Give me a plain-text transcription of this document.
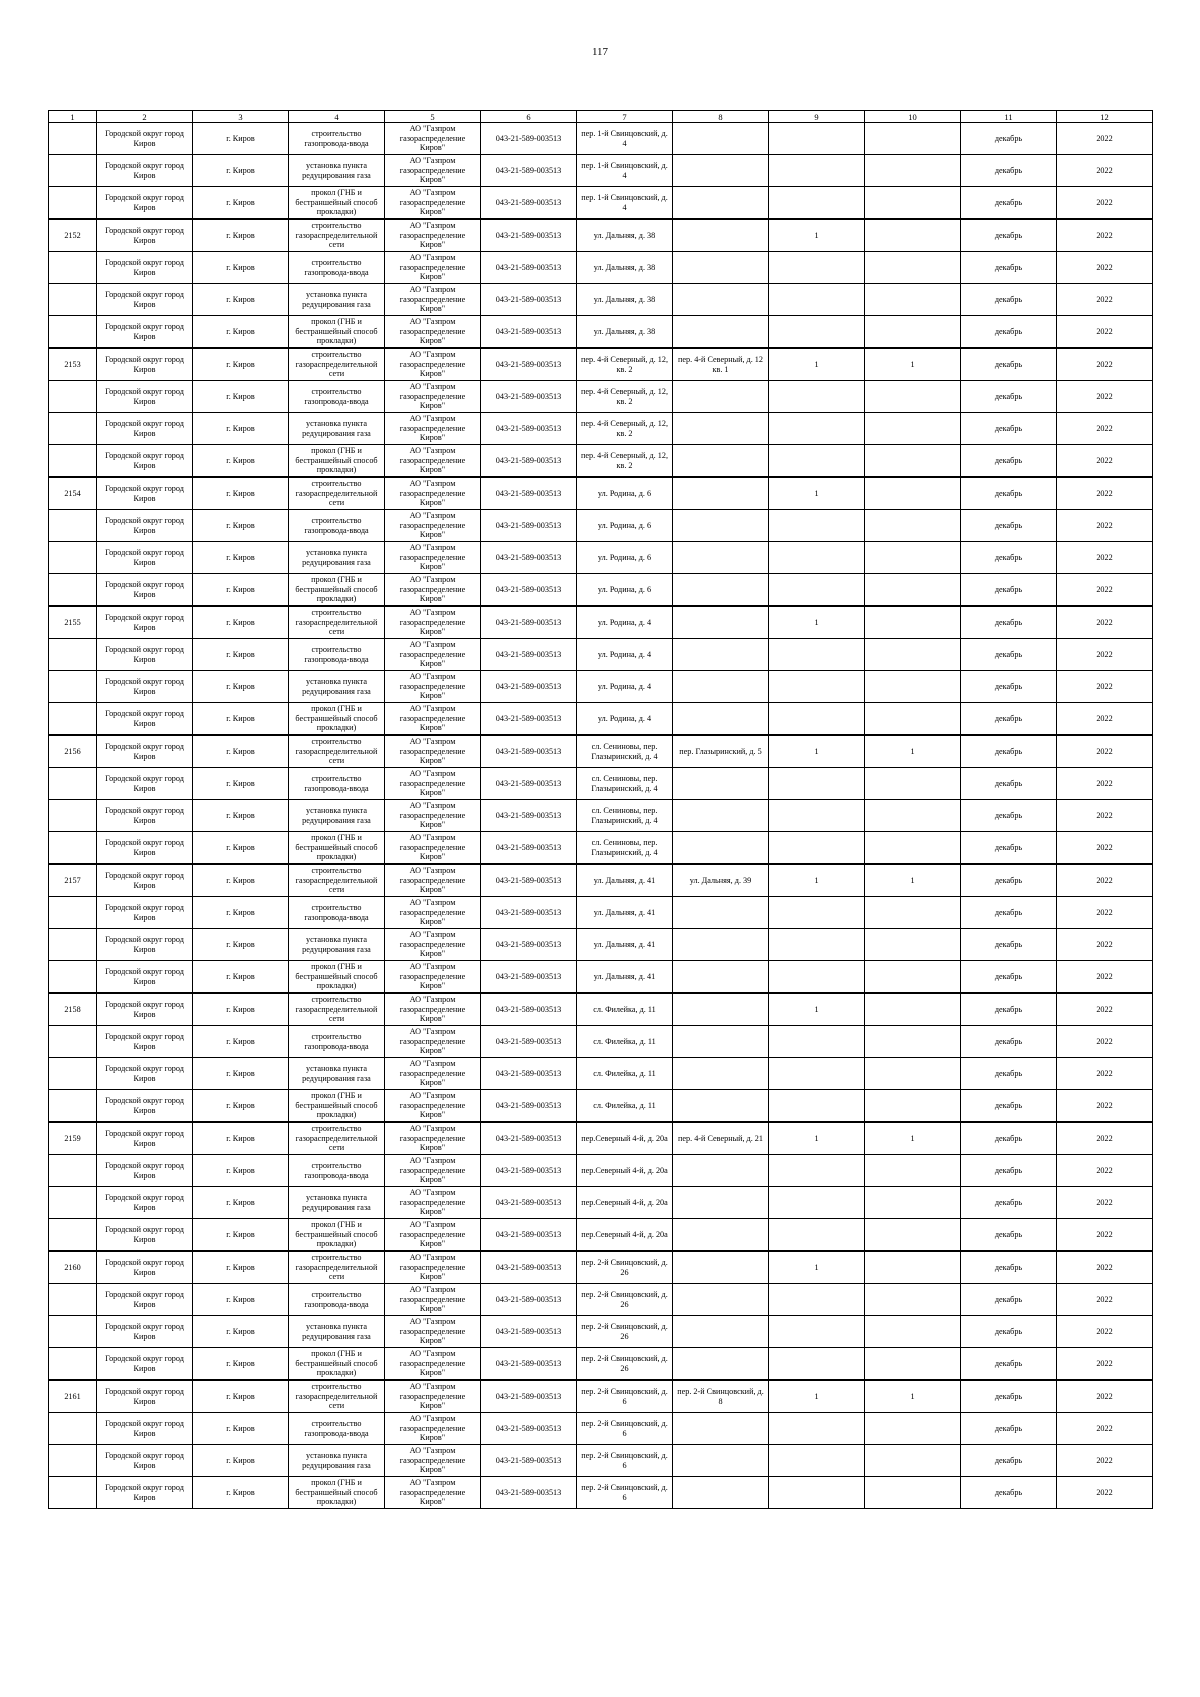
117
1	2	3	4	5	6	7	8	9	10	11	12
	Городской округ город Киров	г. Киров	строительство газопровода-ввода	АО "Газпром газораспределение Киров"	043-21-589-003513	пер. 1-й Свинцовский, д. 4				декабрь	2022
	Городской округ город Киров	г. Киров	установка пункта редуцирования газа	АО "Газпром газораспределение Киров"	043-21-589-003513	пер. 1-й Свинцовский, д. 4				декабрь	2022
	Городской округ город Киров	г. Киров	прокол (ГНБ и бестраншейный способ прокладки)	АО "Газпром газораспределение Киров"	043-21-589-003513	пер. 1-й Свинцовский, д. 4				декабрь	2022
2152	Городской округ город Киров	г. Киров	строительство газораспределительной сети	АО "Газпром газораспределение Киров"	043-21-589-003513	ул. Дальняя, д. 38		1		декабрь	2022
	Городской округ город Киров	г. Киров	строительство газопровода-ввода	АО "Газпром газораспределение Киров"	043-21-589-003513	ул. Дальняя, д. 38				декабрь	2022
	Городской округ город Киров	г. Киров	установка пункта редуцирования газа	АО "Газпром газораспределение Киров"	043-21-589-003513	ул. Дальняя, д. 38				декабрь	2022
	Городской округ город Киров	г. Киров	прокол (ГНБ и бестраншейный способ прокладки)	АО "Газпром газораспределение Киров"	043-21-589-003513	ул. Дальняя, д. 38				декабрь	2022
2153	Городской округ город Киров	г. Киров	строительство газораспределительной сети	АО "Газпром газораспределение Киров"	043-21-589-003513	пер. 4-й Северный, д. 12, кв. 2	пер. 4-й Северный, д. 12 кв. 1	1	1	декабрь	2022
	Городской округ город Киров	г. Киров	строительство газопровода-ввода	АО "Газпром газораспределение Киров"	043-21-589-003513	пер. 4-й Северный, д. 12, кв. 2				декабрь	2022
	Городской округ город Киров	г. Киров	установка пункта редуцирования газа	АО "Газпром газораспределение Киров"	043-21-589-003513	пер. 4-й Северный, д. 12, кв. 2				декабрь	2022
	Городской округ город Киров	г. Киров	прокол (ГНБ и бестраншейный способ прокладки)	АО "Газпром газораспределение Киров"	043-21-589-003513	пер. 4-й Северный, д. 12, кв. 2				декабрь	2022
2154	Городской округ город Киров	г. Киров	строительство газораспределительной сети	АО "Газпром газораспределение Киров"	043-21-589-003513	ул. Родина, д. 6		1		декабрь	2022
	Городской округ город Киров	г. Киров	строительство газопровода-ввода	АО "Газпром газораспределение Киров"	043-21-589-003513	ул. Родина, д. 6				декабрь	2022
	Городской округ город Киров	г. Киров	установка пункта редуцирования газа	АО "Газпром газораспределение Киров"	043-21-589-003513	ул. Родина, д. 6				декабрь	2022
	Городской округ город Киров	г. Киров	прокол (ГНБ и бестраншейный способ прокладки)	АО "Газпром газораспределение Киров"	043-21-589-003513	ул. Родина, д. 6				декабрь	2022
2155	Городской округ город Киров	г. Киров	строительство газораспределительной сети	АО "Газпром газораспределение Киров"	043-21-589-003513	ул. Родина, д. 4		1		декабрь	2022
	Городской округ город Киров	г. Киров	строительство газопровода-ввода	АО "Газпром газораспределение Киров"	043-21-589-003513	ул. Родина, д. 4				декабрь	2022
	Городской округ город Киров	г. Киров	установка пункта редуцирования газа	АО "Газпром газораспределение Киров"	043-21-589-003513	ул. Родина, д. 4				декабрь	2022
	Городской округ город Киров	г. Киров	прокол (ГНБ и бестраншейный способ прокладки)	АО "Газпром газораспределение Киров"	043-21-589-003513	ул. Родина, д. 4				декабрь	2022
2156	Городской округ город Киров	г. Киров	строительство газораспределительной сети	АО "Газпром газораспределение Киров"	043-21-589-003513	сл. Сениновы, пер. Глазыринский, д. 4	пер. Глазыринский, д. 5	1	1	декабрь	2022
	Городской округ город Киров	г. Киров	строительство газопровода-ввода	АО "Газпром газораспределение Киров"	043-21-589-003513	сл. Сениновы, пер. Глазыринский, д. 4				декабрь	2022
	Городской округ город Киров	г. Киров	установка пункта редуцирования газа	АО "Газпром газораспределение Киров"	043-21-589-003513	сл. Сениновы, пер. Глазыринский, д. 4				декабрь	2022
	Городской округ город Киров	г. Киров	прокол (ГНБ и бестраншейный способ прокладки)	АО "Газпром газораспределение Киров"	043-21-589-003513	сл. Сениновы, пер. Глазыринский, д. 4				декабрь	2022
2157	Городской округ город Киров	г. Киров	строительство газораспределительной сети	АО "Газпром газораспределение Киров"	043-21-589-003513	ул. Дальняя, д. 41	ул. Дальняя, д. 39	1	1	декабрь	2022
	Городской округ город Киров	г. Киров	строительство газопровода-ввода	АО "Газпром газораспределение Киров"	043-21-589-003513	ул. Дальняя, д. 41				декабрь	2022
	Городской округ город Киров	г. Киров	установка пункта редуцирования газа	АО "Газпром газораспределение Киров"	043-21-589-003513	ул. Дальняя, д. 41				декабрь	2022
	Городской округ город Киров	г. Киров	прокол (ГНБ и бестраншейный способ прокладки)	АО "Газпром газораспределение Киров"	043-21-589-003513	ул. Дальняя, д. 41				декабрь	2022
2158	Городской округ город Киров	г. Киров	строительство газораспределительной сети	АО "Газпром газораспределение Киров"	043-21-589-003513	сл. Филейка, д. 11		1		декабрь	2022
	Городской округ город Киров	г. Киров	строительство газопровода-ввода	АО "Газпром газораспределение Киров"	043-21-589-003513	сл. Филейка, д. 11				декабрь	2022
	Городской округ город Киров	г. Киров	установка пункта редуцирования газа	АО "Газпром газораспределение Киров"	043-21-589-003513	сл. Филейка, д. 11				декабрь	2022
	Городской округ город Киров	г. Киров	прокол (ГНБ и бестраншейный способ прокладки)	АО "Газпром газораспределение Киров"	043-21-589-003513	сл. Филейка, д. 11				декабрь	2022
2159	Городской округ город Киров	г. Киров	строительство газораспределительной сети	АО "Газпром газораспределение Киров"	043-21-589-003513	пер.Северный 4-й, д. 20а	пер. 4-й Северный, д. 21	1	1	декабрь	2022
	Городской округ город Киров	г. Киров	строительство газопровода-ввода	АО "Газпром газораспределение Киров"	043-21-589-003513	пер.Северный 4-й, д. 20а				декабрь	2022
	Городской округ город Киров	г. Киров	установка пункта редуцирования газа	АО "Газпром газораспределение Киров"	043-21-589-003513	пер.Северный 4-й, д. 20а				декабрь	2022
	Городской округ город Киров	г. Киров	прокол (ГНБ и бестраншейный способ прокладки)	АО "Газпром газораспределение Киров"	043-21-589-003513	пер.Северный 4-й, д. 20а				декабрь	2022
2160	Городской округ город Киров	г. Киров	строительство газораспределительной сети	АО "Газпром газораспределение Киров"	043-21-589-003513	пер. 2-й Свинцовский, д. 26		1		декабрь	2022
	Городской округ город Киров	г. Киров	строительство газопровода-ввода	АО "Газпром газораспределение Киров"	043-21-589-003513	пер. 2-й Свинцовский, д. 26				декабрь	2022
	Городской округ город Киров	г. Киров	установка пункта редуцирования газа	АО "Газпром газораспределение Киров"	043-21-589-003513	пер. 2-й Свинцовский, д. 26				декабрь	2022
	Городской округ город Киров	г. Киров	прокол (ГНБ и бестраншейный способ прокладки)	АО "Газпром газораспределение Киров"	043-21-589-003513	пер. 2-й Свинцовский, д. 26				декабрь	2022
2161	Городской округ город Киров	г. Киров	строительство газораспределительной сети	АО "Газпром газораспределение Киров"	043-21-589-003513	пер. 2-й Свинцовский, д. 6	пер. 2-й Свинцовский, д. 8	1	1	декабрь	2022
	Городской округ город Киров	г. Киров	строительство газопровода-ввода	АО "Газпром газораспределение Киров"	043-21-589-003513	пер. 2-й Свинцовский, д. 6				декабрь	2022
	Городской округ город Киров	г. Киров	установка пункта редуцирования газа	АО "Газпром газораспределение Киров"	043-21-589-003513	пер. 2-й Свинцовский, д. 6				декабрь	2022
	Городской округ город Киров	г. Киров	прокол (ГНБ и бестраншейный способ прокладки)	АО "Газпром газораспределение Киров"	043-21-589-003513	пер. 2-й Свинцовский, д. 6				декабрь	2022
